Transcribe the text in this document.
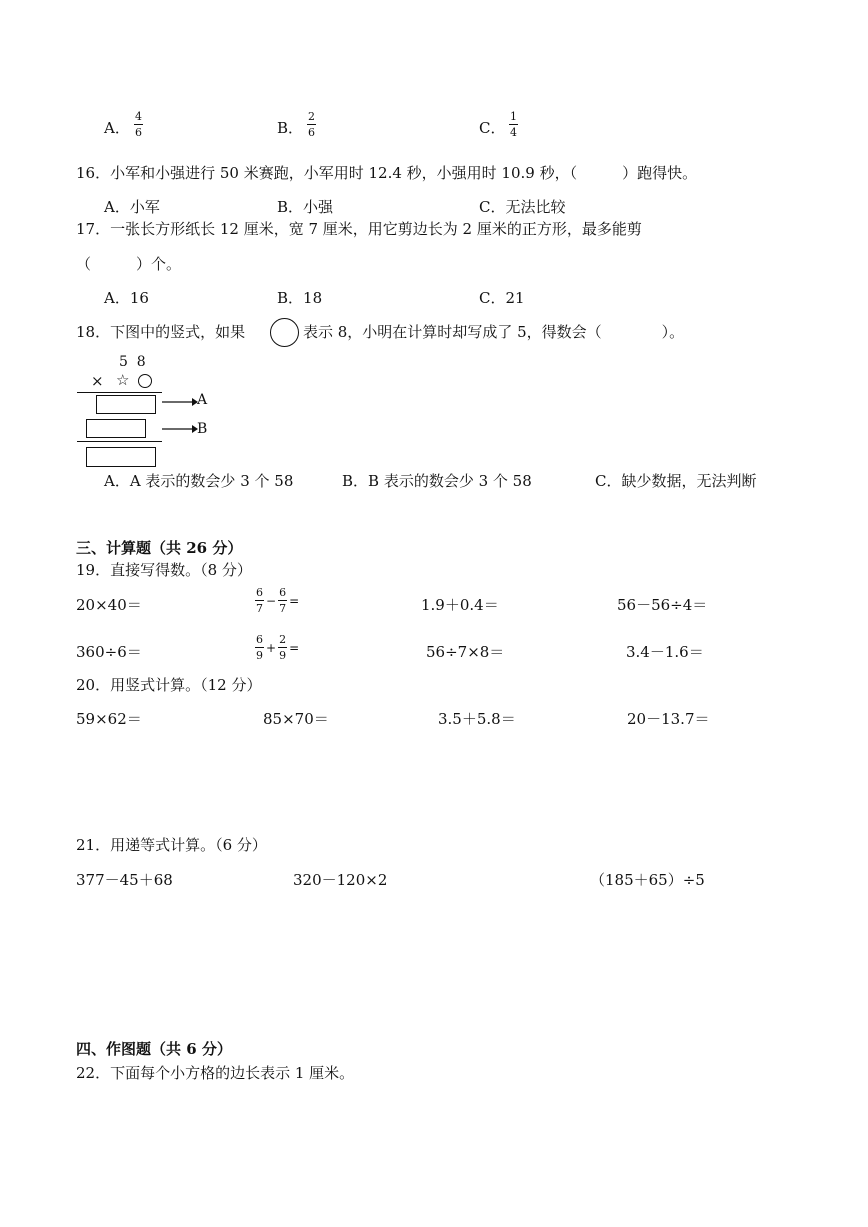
A． $\frac{4}{6}$	B． $\frac{2}{6}$	C． $\frac{1}{4}$
16．小军和小强进行 50 米赛跑，小军用时 12.4 秒，小强用时 10.9 秒，（　　　）跑得快。
A．小军	B．小强	C．无法比较
17．一张长方形纸长 12 厘米，宽 7 厘米，用它剪边长为 2 厘米的正方形，最多能剪
（　　　）个。
A．16	B．18	C．21
18．下图中的竖式，如果	表示 8，小明在计算时却写成了 5，得数会（　　　　）。
5  8
× ☆
A
B
A．A 表示的数会少 3 个 58	B．B 表示的数会少 3 个 58	C．缺少数据，无法判断
三、计算题（共 26 分）
19．直接写得数。（8 分）
20×40＝	$\frac{6}{7} - \frac{6}{7}$ =	1.9＋0.4＝	56－56÷4＝
360÷6＝	$\frac{6}{9} + \frac{2}{9}$ =	56÷7×8＝	3.4－1.6＝
20．用竖式计算。（12 分）
59×62＝	85×70＝	3.5＋5.8＝	20－13.7＝
21．用递等式计算。（6 分）
377－45＋68	320－120×2	（185＋65）÷5
四、作图题（共 6 分）
22．下面每个小方格的边长表示 1 厘米。
